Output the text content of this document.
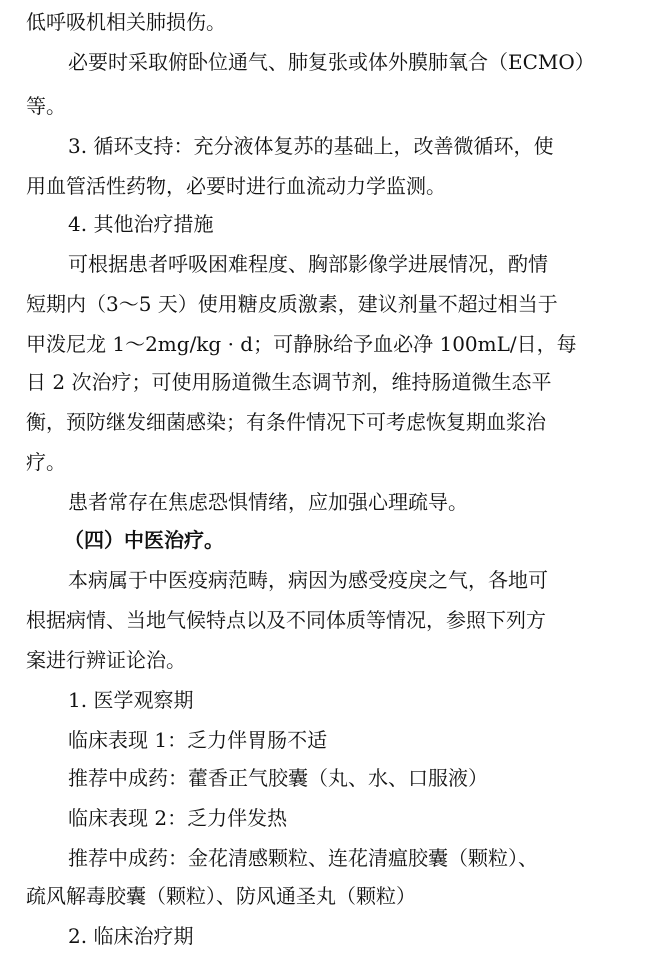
低呼吸机相关肺损伤。
必要时采取俯卧位通气、肺复张或体外膜肺氧合（ECMO）
等。
3. 循环支持：充分液体复苏的基础上，改善微循环，使
用血管活性药物，必要时进行血流动力学监测。
4. 其他治疗措施
可根据患者呼吸困难程度、胸部影像学进展情况，酌情
短期内（3～5 天）使用糖皮质激素，建议剂量不超过相当于
甲泼尼龙 1～2mg/kg · d；可静脉给予血必净 100mL/日，每
日 2 次治疗；可使用肠道微生态调节剂，维持肠道微生态平
衡，预防继发细菌感染；有条件情况下可考虑恢复期血浆治
疗。
患者常存在焦虑恐惧情绪，应加强心理疏导。
（四）中医治疗。
本病属于中医疫病范畴，病因为感受疫戾之气，各地可
根据病情、当地气候特点以及不同体质等情况，参照下列方
案进行辨证论治。
1. 医学观察期
临床表现 1：乏力伴胃肠不适
推荐中成药：藿香正气胶囊（丸、水、口服液）
临床表现 2：乏力伴发热
推荐中成药：金花清感颗粒、连花清瘟胶囊（颗粒）、
疏风解毒胶囊（颗粒）、防风通圣丸（颗粒）
2. 临床治疗期
